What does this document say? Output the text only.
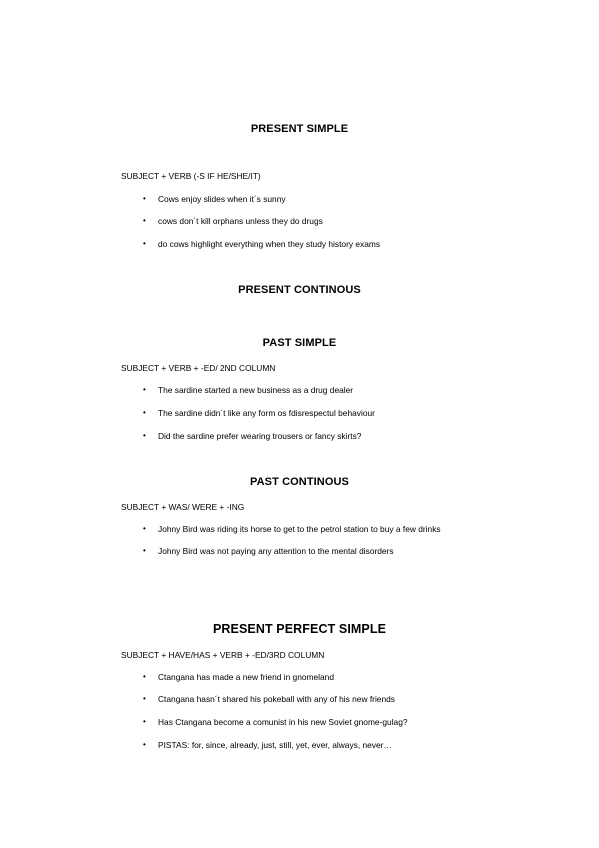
PRESENT SIMPLE
SUBJECT + VERB (-S IF HE/SHE/IT)
• Cows enjoy slides when it´s sunny
• cows don´t kill orphans unless they do drugs
• do cows highlight everything when they study history exams
PRESENT CONTINOUS
PAST SIMPLE
SUBJECT + VERB + -ED/ 2ND COLUMN
• The sardine started a new business as a drug dealer
• The sardine didn´t like any form os fdisrespectul behaviour
• Did the sardine prefer wearing trousers or fancy skirts?
PAST CONTINOUS
SUBJECT + WAS/ WERE + -ING
• Johny Bird was riding its horse to get to the petrol station to buy a few drinks
• Johny Bird was not paying any attention to the mental disorders
PRESENT PERFECT SIMPLE
SUBJECT + HAVE/HAS + VERB + -ED/3RD COLUMN
• Ctangana has made a new friend in gnomeland
• Ctangana hasn´t shared his pokeball with any of his new friends
• Has Ctangana become a comunist in his new Soviet gnome-gulag?
• PISTAS: for, since, already, just, still, yet, ever, always, never…
